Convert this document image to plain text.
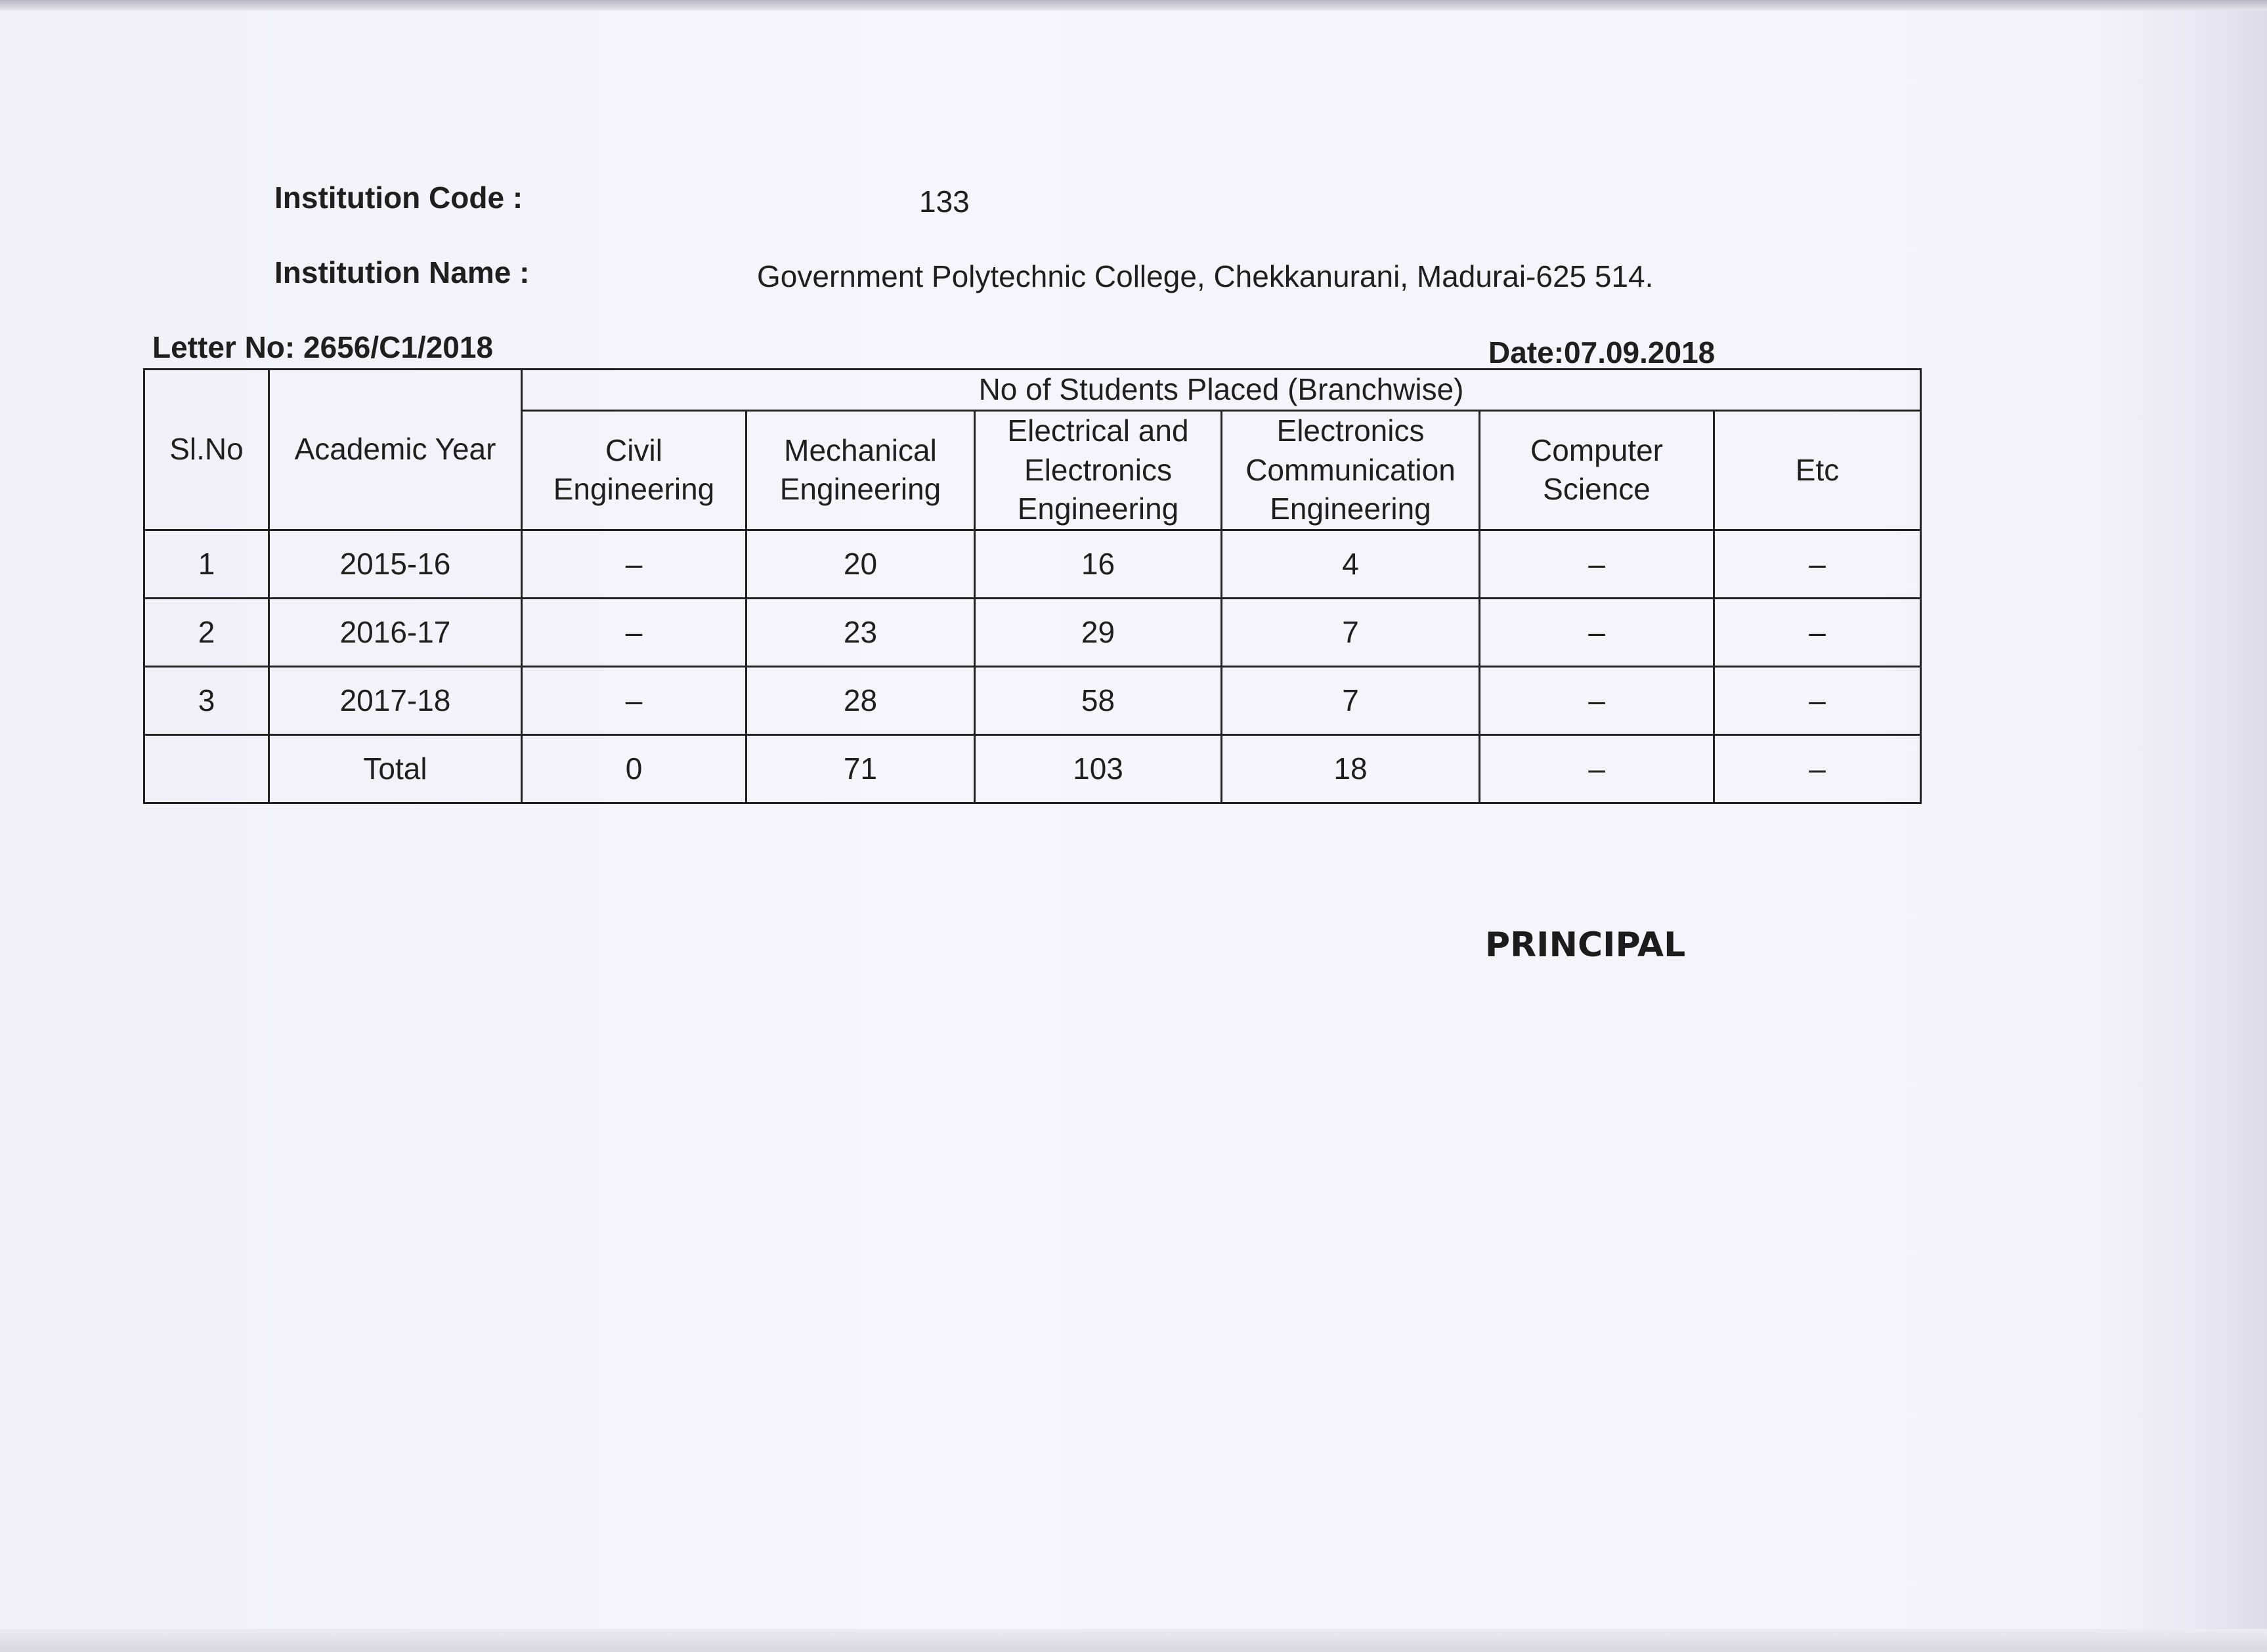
Institution Code :	133
Institution Name :	Government Polytechnic College, Chekkanurani, Madurai-625 514.
Letter No: 2656/C1/2018	Date:07.09.2018
Sl.No	Academic Year	No of Students Placed (Branchwise)					
		Civil Engineering	Mechanical Engineering	Electrical and Electronics Engineering	Electronics Communication Engineering	Computer Science	Etc
1	2015-16	–	20	16	4	–	–
2	2016-17	–	23	29	7	–	–
3	2017-18	–	28	58	7	–	–
	Total	0	71	103	18	–	–
PRINCIPAL
